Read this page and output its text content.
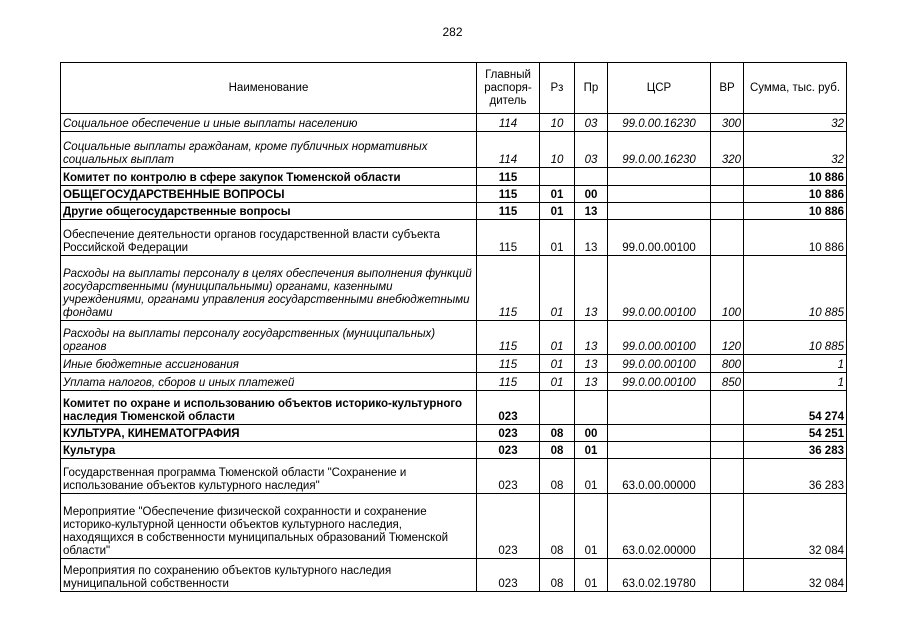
282
Наименование	Главный распоря-дитель	Рз	Пр	ЦСР	ВР	Сумма, тыс. руб.
Социальное обеспечение и иные выплаты населению	114	10	03	99.0.00.16230	300	32
Социальные выплаты гражданам, кроме публичных нормативных социальных выплат	114	10	03	99.0.00.16230	320	32
Комитет по контролю в сфере закупок Тюменской области	115					10 886
ОБЩЕГОСУДАРСТВЕННЫЕ ВОПРОСЫ	115	01	00			10 886
Другие общегосударственные вопросы	115	01	13			10 886
Обеспечение деятельности органов государственной власти субъекта Российской Федерации	115	01	13	99.0.00.00100		10 886
Расходы на выплаты персоналу в целях обеспечения выполнения функций государственными (муниципальными) органами, казенными учреждениями, органами управления государственными внебюджетными фондами	115	01	13	99.0.00.00100	100	10 885
Расходы на выплаты персоналу государственных (муниципальных) органов	115	01	13	99.0.00.00100	120	10 885
Иные бюджетные ассигнования	115	01	13	99.0.00.00100	800	1
Уплата налогов, сборов и иных платежей	115	01	13	99.0.00.00100	850	1
Комитет по охране и использованию объектов историко-культурного наследия Тюменской области	023					54 274
КУЛЬТУРА, КИНЕМАТОГРАФИЯ	023	08	00			54 251
Культура	023	08	01			36 283
Государственная программа Тюменской области "Сохранение и использование объектов культурного наследия"	023	08	01	63.0.00.00000		36 283
Мероприятие "Обеспечение физической сохранности и сохранение историко-культурной ценности объектов культурного наследия, находящихся в собственности муниципальных образований Тюменской области"	023	08	01	63.0.02.00000		32 084
Мероприятия по сохранению объектов культурного наследия муниципальной собственности	023	08	01	63.0.02.19780		32 084
